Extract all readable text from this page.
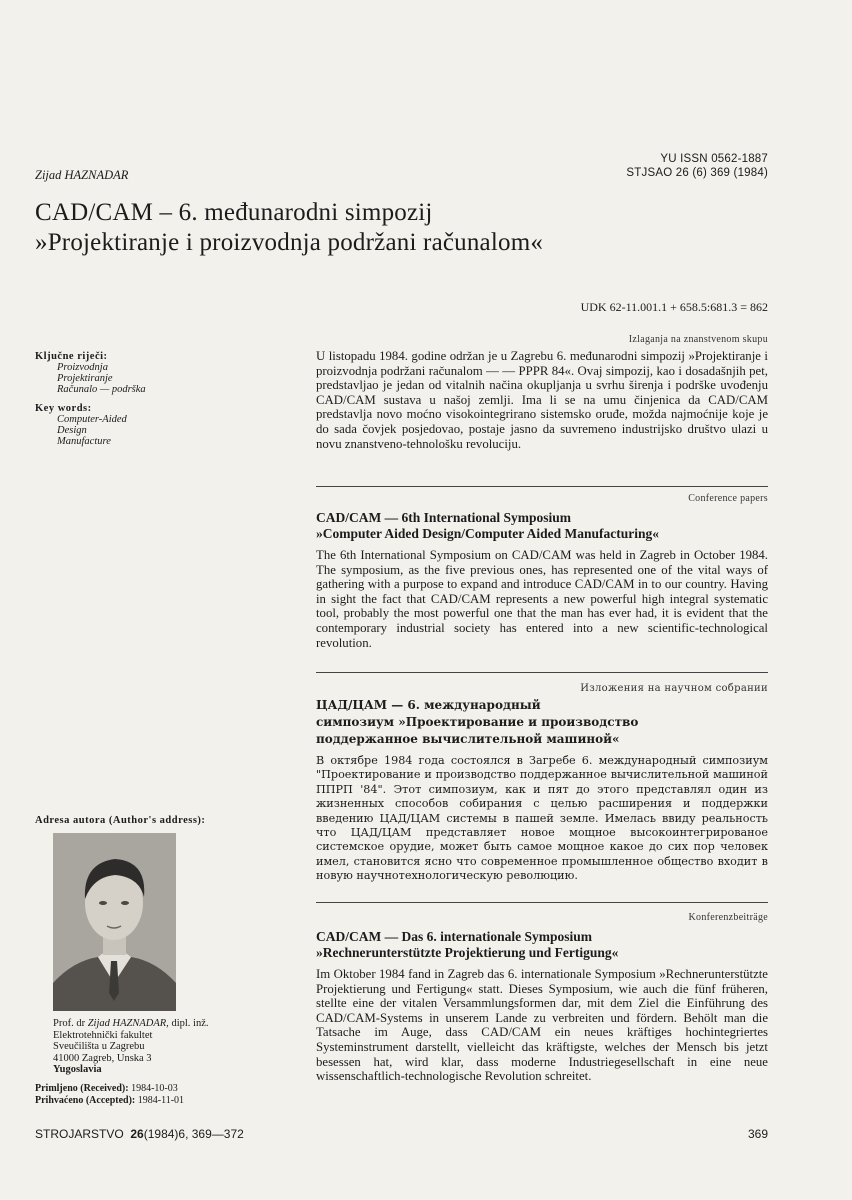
Zijad HAZNADAR
YU ISSN 0562-1887
STJSAO 26 (6) 369 (1984)
CAD/CAM – 6. međunarodni simpozij
»Projektiranje i proizvodnja podržani računalom«
UDK 62-11.001.1 + 658.5:681.3 = 862
Ključne riječi:
Proizvodnja
Projektiranje
Računalo — podrška
Key words:
Computer-Aided
Design
Manufacture
Izlaganja na znanstvenom skupu
U listopadu 1984. godine održan je u Zagrebu 6. međunarodni simpozij »Projektiranje i proizvodnja podržani računalom — — PPPR 84«. Ovaj simpozij, kao i dosadašnjih pet, predstavljao je jedan od vitalnih načina okupljanja u svrhu širenja i podrške uvođenju CAD/CAM sustava u našoj zemlji. Ima li se na umu činjenica da CAD/CAM predstavlja novo moćno visokointegrirano sistemsko oruđe, možda najmoćnije koje je do sada čovjek posjedovao, postaje jasno da suvremeno industrijsko društvo ulazi u novu znanstveno-tehnološku revoluciju.
Conference papers
CAD/CAM — 6th International Symposium
»Computer Aided Design/Computer Aided Manufacturing«
The 6th International Symposium on CAD/CAM was held in Zagreb in October 1984. The symposium, as the five previous ones, has represented one of the vital ways of gathering with a purpose to expand and introduce CAD/CAM in to our country. Having in sight the fact that CAD/CAM represents a new powerful high integral systematic tool, probably the most powerful one that the man has ever had, it is evident that the contemporary industrial society has entered into a new scientific-technological revolution.
Изложения на научном собрании
ЦАД/ЦАМ — 6. международный
симпозиум »Проектирование и производство
поддержанное вычислительной машиной«
В октябре 1984 года состоялся в Загребе 6. международный симпозиум "Проектирование и производство поддержанное вычислительной машиной ППРП '84". Этот симпозиум, как и пят до этого представлял один из жизненных способов собирания с целью расширения и поддержки введению ЦАД/ЦАМ системы в пашей земле. Имелась ввиду реальность что ЦАД/ЦАМ представляет новое мощное высокоинтегрированое системское орудие, может быть самое мощное какое до сих пор человек имел, становится ясно что современное промышленное общество входит в новую научнотехнологическую революцию.
Konferenzbeiträge
CAD/CAM — Das 6. internationale Symposium
»Rechnerunterstützte Projektierung und Fertigung«
Im Oktober 1984 fand in Zagreb das 6. internationale Symposium »Rechnerunterstützte Projektierung und Fertigung« statt. Dieses Symposium, wie auch die fünf früheren, stellte eine der vitalen Versammlungsformen dar, mit dem Ziel die Einführung des CAD/CAM-Systems in unserem Lande zu verbreiten und fördern. Behölt man die Tatsache im Auge, dass CAD/CAM ein neues kräftiges hochintegriertes Systeminstrument darstellt, vielleicht das kräftigste, welches der Mensch bis jetzt besessen hat, wird klar, dass moderne Industriegesellschaft in eine neue wissenschaftlich-technologische Revolution schreitet.
Adresa autora (Author's address):
Prof. dr Zijad HAZNADAR, dipl. inž.
Elektrotehnički fakultet
Sveučilišta u Zagrebu
41000 Zagreb, Unska 3
Yugoslavia
Primljeno (Received): 1984-10-03
Prihvaćeno (Accepted): 1984-11-01
STROJARSTVO 26(1984)6, 369—372	369
